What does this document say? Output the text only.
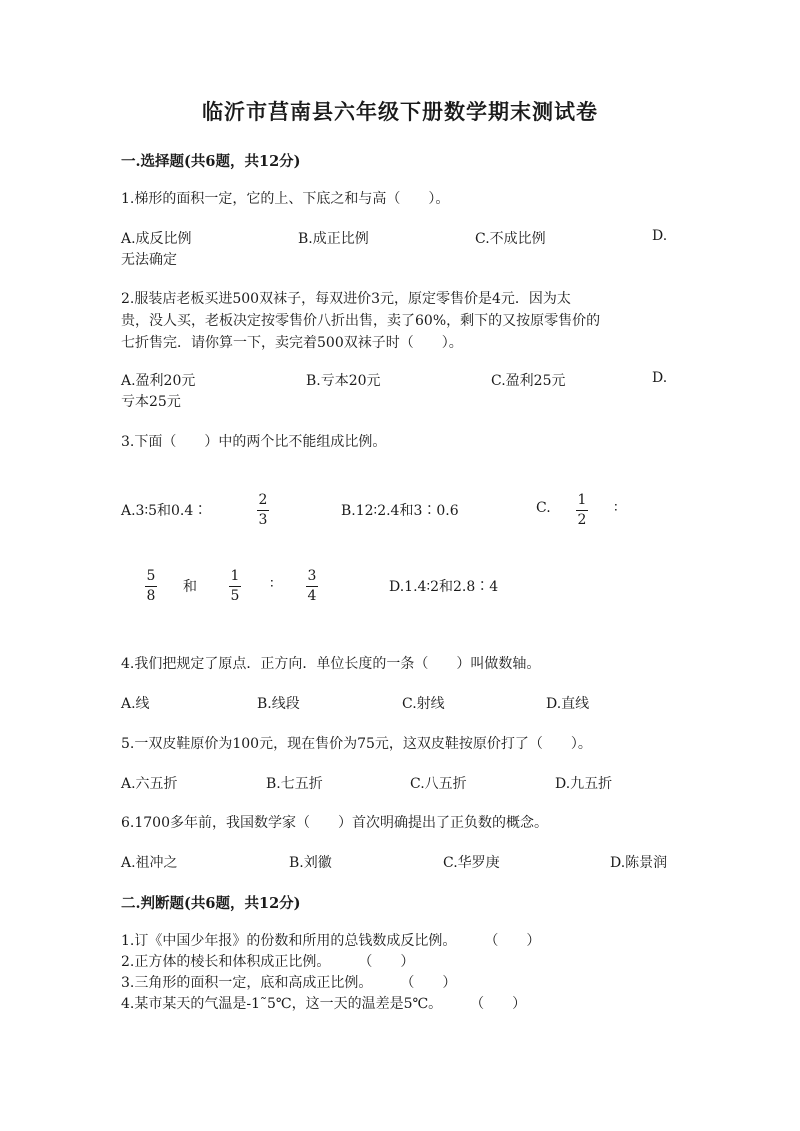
临沂市莒南县六年级下册数学期末测试卷
一.选择题(共6题，共12分)
1.梯形的面积一定，它的上、下底之和与高（　　）。
A.成反比例	B.成正比例	C.不成比例	D.
无法确定
2.服装店老板买进500双袜子，每双进价3元，原定零售价是4元．因为太
贵，没人买，老板决定按零售价八折出售，卖了60%，剩下的又按原零售价的
七折售完．请你算一下，卖完着500双袜子时（　　）。
A.盈利20元	B.亏本20元	C.盈利25元	D.
亏本25元
3.下面（　　）中的两个比不能组成比例。
A.3∶5和0.4∶
2
3
B.12∶2.4和3∶0.6	C. 1
2
∶
5
8
和
1
5
∶ 3
4
D.1.4∶2和2.8∶4
4.我们把规定了原点．正方向．单位长度的一条（　　）叫做数轴。
A.线	B.线段	C.射线	D.直线
5.一双皮鞋原价为100元，现在售价为75元，这双皮鞋按原价打了（　　）。
A.六五折	B.七五折	C.八五折	D.九五折
6.1700多年前，我国数学家（　　）首次明确提出了正负数的概念。
A.祖冲之	B.刘徽	C.华罗庚	D.陈景润
二.判断题(共6题，共12分)
1.订《中国少年报》的份数和所用的总钱数成反比例。　　　（　　）
2.正方体的棱长和体积成正比例。　　　（　　）
3.三角形的面积一定，底和高成正比例。　　　（　　）
4.某市某天的气温是-1˜5℃，这一天的温差是5℃。　　　（　　）
